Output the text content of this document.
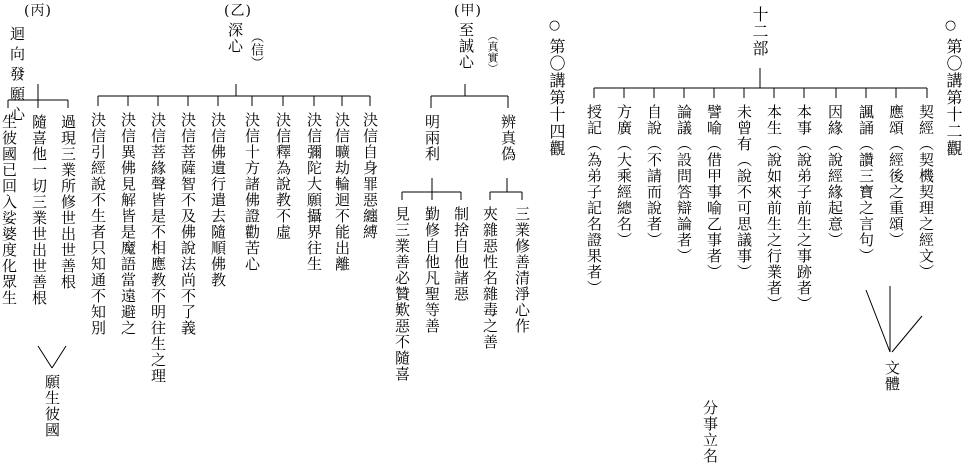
○
第〇講第十二觀
十二部
契經（契機契理之經文）
應頌（經後之重頌）
諷誦（讚三寶之言句）
因緣（說經緣起意）
本事（說弟子前生之事跡者）
本生（說如來前生之行業者）
未曾有（說不可思議事）
譬喻（借甲事喻乙事者）
論議（設問答辯論者）
自說（不請而說者）
方廣（大乘經總名）
授記（為弟子記名證果者）
文體
分事立名
○
第〇講第十四觀
(甲)
至誠心 （真實）
辨真偽
三業修善清淨心作
夾雜惡性名雜毒之善
明兩利
制捨自他諸惡
勤修自他凡聖等善
見三業善必贊歎惡不隨喜
(乙)
深心 （信）
決信自身罪惡纏縛
決信曠劫輪迴不能出離
決信彌陀大願攝界往生
決信釋為說教不虛
決信十方諸佛證勸苦心
決信佛遺行遣去隨順佛教
決信菩薩智不及佛說法尚不了義
決信菩緣聲皆是不相應教不明往生之理
決信異佛見解皆是魔語當遠避之
決信引經說不生者只知通不知別
(丙)
迴向發願心 過現三業所修世出世善根
隨喜他一切三業世出世善根
生彼國已回入娑婆度化眾生
願生彼國
